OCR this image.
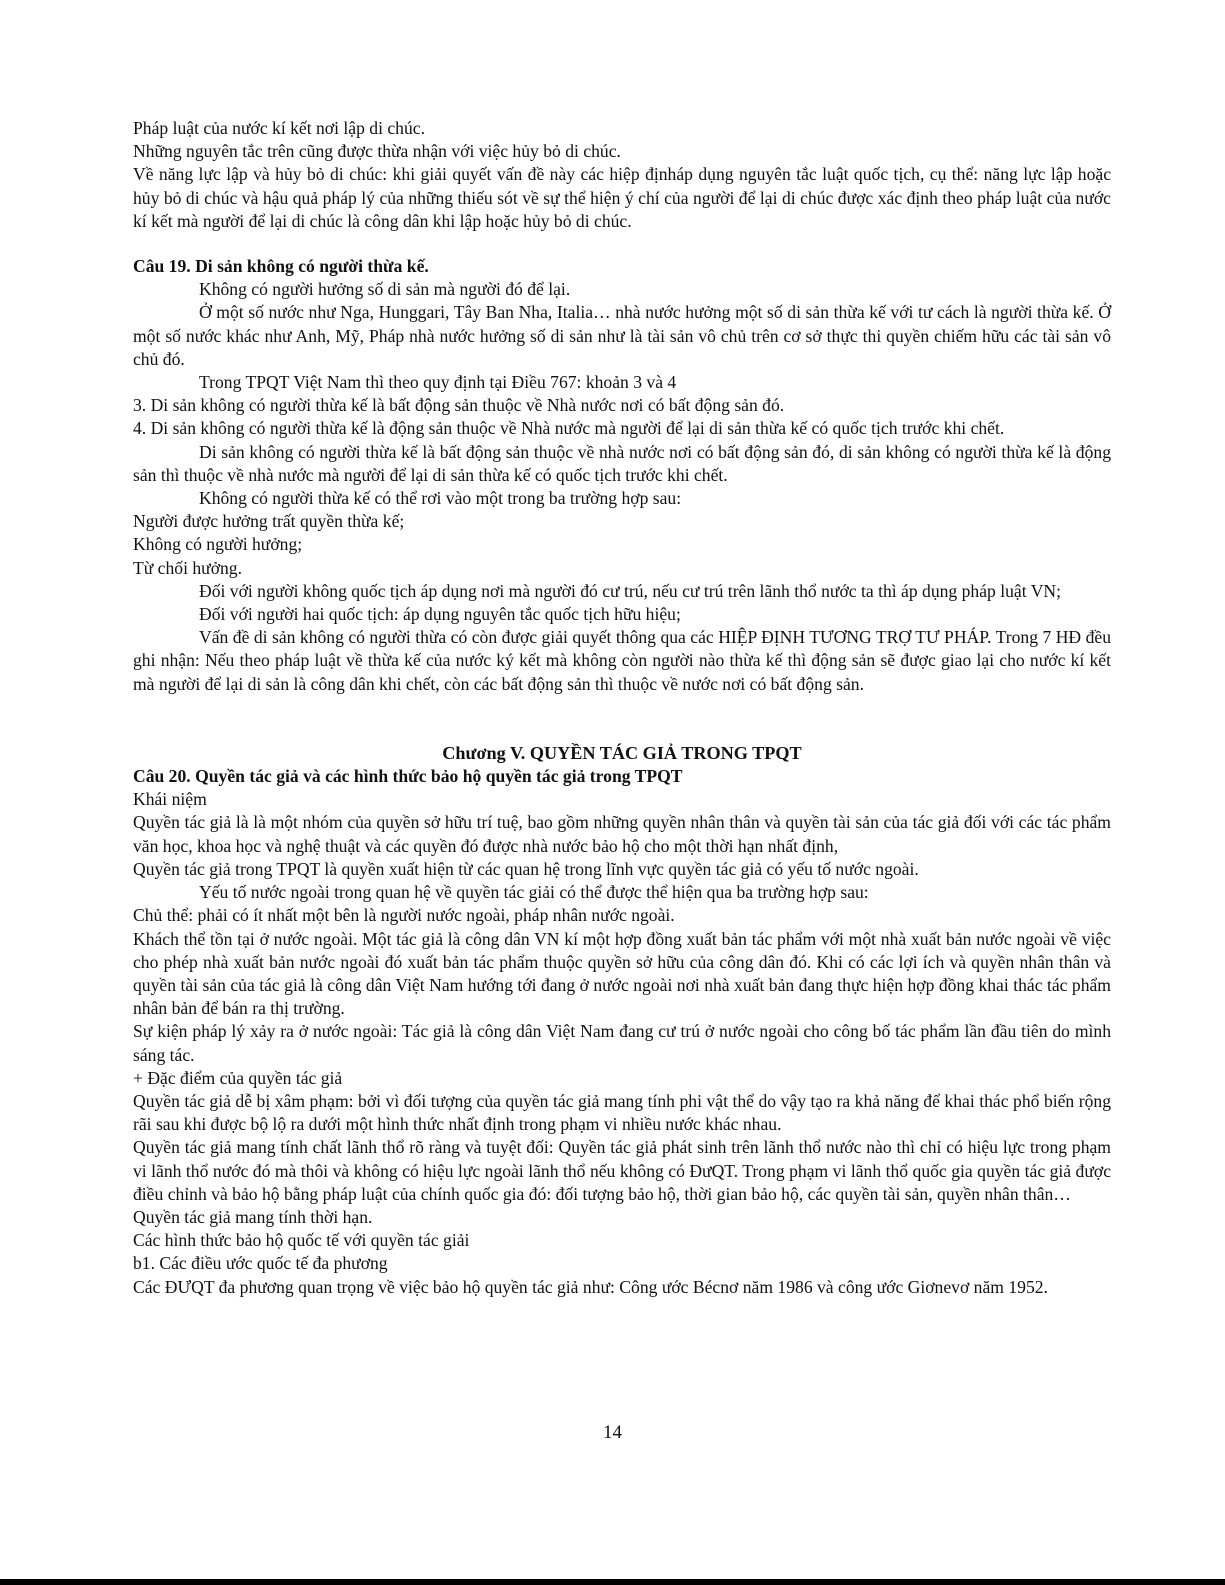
Pháp luật của nước kí kết nơi lập di chúc.

Những nguyên tắc trên cũng được thừa nhận với việc hủy bỏ di chúc.

Về năng lực lập và hủy bỏ di chúc: khi giải quyết vấn đề này các hiệp địnháp dụng nguyên tắc luật quốc tịch, cụ thể: năng lực lập hoặc hủy bỏ di chúc và hậu quả pháp lý của những thiếu sót về sự thể hiện ý chí của người để lại di chúc được xác định theo pháp luật của nước kí kết mà người để lại di chúc là công dân khi lập hoặc hủy bỏ di chúc.

Câu 19. Di sản không có người thừa kế.

Không có người hưởng số di sản mà người đó để lại.

Ở một số nước như Nga, Hunggari, Tây Ban Nha, Italia… nhà nước hưởng một số di sản thừa kế với tư cách là người thừa kế. Ở một số nước khác như Anh, Mỹ, Pháp nhà nước hưởng số di sản như là tài sản vô chủ trên cơ sở thực thi quyền chiếm hữu các tài sản vô chủ đó.

Trong TPQT Việt Nam thì theo quy định tại Điều 767: khoản 3 và 4

3. Di sản không có người thừa kế là bất động sản thuộc về Nhà nước nơi có bất động sản đó.

4. Di sản không có người thừa kế là động sản thuộc về Nhà nước mà người để lại di sản thừa kế có quốc tịch trước khi chết.

Di sản không có người thừa kế là bất động sản thuộc về nhà nước nơi có bất động sản đó, di sản không có người thừa kế là động sản thì thuộc về nhà nước mà người để lại di sản thừa kế có quốc tịch trước khi chết.

Không có người thừa kế có thể rơi vào một trong ba trường hợp sau:

Người được hưởng trất quyền thừa kế;

Không có người hưởng;

Từ chối hưởng.

Đối với người không quốc tịch áp dụng nơi mà người đó cư trú, nếu cư trú trên lãnh thổ nước ta thì áp dụng pháp luật VN;

Đối với người hai quốc tịch: áp dụng nguyên tắc quốc tịch hữu hiệu;

Vấn đề di sản không có người thừa có còn được giải quyết thông qua các HIỆP ĐỊNH TƯƠNG TRỢ TƯ PHÁP. Trong 7 HĐ đều ghi nhận: Nếu theo pháp luật về thừa kế của nước ký kết mà không còn người nào thừa kế thì động sản sẽ được giao lại cho nước kí kết mà người để lại di sản là công dân khi chết, còn các bất động sản thì thuộc về nước nơi có bất động sản.

Chương V. QUYỀN TÁC GIẢ TRONG TPQT

Câu 20. Quyền tác giả và các hình thức bảo hộ quyền tác giả trong TPQT

Khái niệm

Quyền tác giả là là một nhóm của quyền sở hữu trí tuệ, bao gồm những quyền nhân thân và quyền tài sản của tác giả đối với các tác phẩm văn học, khoa học và nghệ thuật và các quyền đó được nhà nước bảo hộ cho một thời hạn nhất định,

Quyền tác giả trong TPQT là quyền xuất hiện từ các quan hệ trong lĩnh vực quyền tác giả có yếu tố nước ngoài.

Yếu tố nước ngoài trong quan hệ về quyền tác giải có thể được thể hiện qua ba trường hợp sau:

Chủ thể: phải có ít nhất một bên là người nước ngoài, pháp nhân nước ngoài.

Khách thể tồn tại ở nước ngoài. Một tác giả là công dân VN kí một hợp đồng xuất bản tác phẩm với một nhà xuất bản nước ngoài về việc cho phép nhà xuất bản nước ngoài đó xuất bản tác phẩm thuộc quyền sở hữu của công dân đó. Khi có các lợi ích và quyền nhân thân và quyền tài sản của tác giả là công dân Việt Nam hướng tới đang ở nước ngoài nơi nhà xuất bản đang thực hiện hợp đồng khai thác tác phẩm nhân bản để bán ra thị trường.

Sự kiện pháp lý xảy ra ở nước ngoài: Tác giả là công dân Việt Nam đang cư trú ở nước ngoài cho công bố tác phẩm lần đầu tiên do mình sáng tác.

+ Đặc điểm của quyền tác giả

Quyền tác giả dễ bị xâm phạm: bởi vì đối tượng của quyền tác giả mang tính phi vật thể do vậy tạo ra khả năng để khai thác phổ biến rộng rãi sau khi được bộ lộ ra dưới một hình thức nhất định trong phạm vi nhiều nước khác nhau.

Quyền tác giả mang tính chất lãnh thổ rõ ràng và tuyệt đối: Quyền tác giả phát sinh trên lãnh thổ nước nào thì chỉ có hiệu lực trong phạm vi lãnh thổ nước đó mà thôi và không có hiệu lực ngoài lãnh thổ nếu không có ĐưQT. Trong phạm vi lãnh thổ quốc gia quyền tác giả được điều chỉnh và bảo hộ bằng pháp luật của chính quốc gia đó: đối tượng bảo hộ, thời gian bảo hộ, các quyền tài sản, quyền nhân thân…

Quyền tác giả mang tính thời hạn.

Các hình thức bảo hộ quốc tế với quyền tác giải

b1. Các điều ước quốc tế đa phương

Các ĐƯQT đa phương quan trọng về việc bảo hộ quyền tác giả như: Công ước Bécnơ năm 1986 và công ước Giơnevơ năm 1952.

14
